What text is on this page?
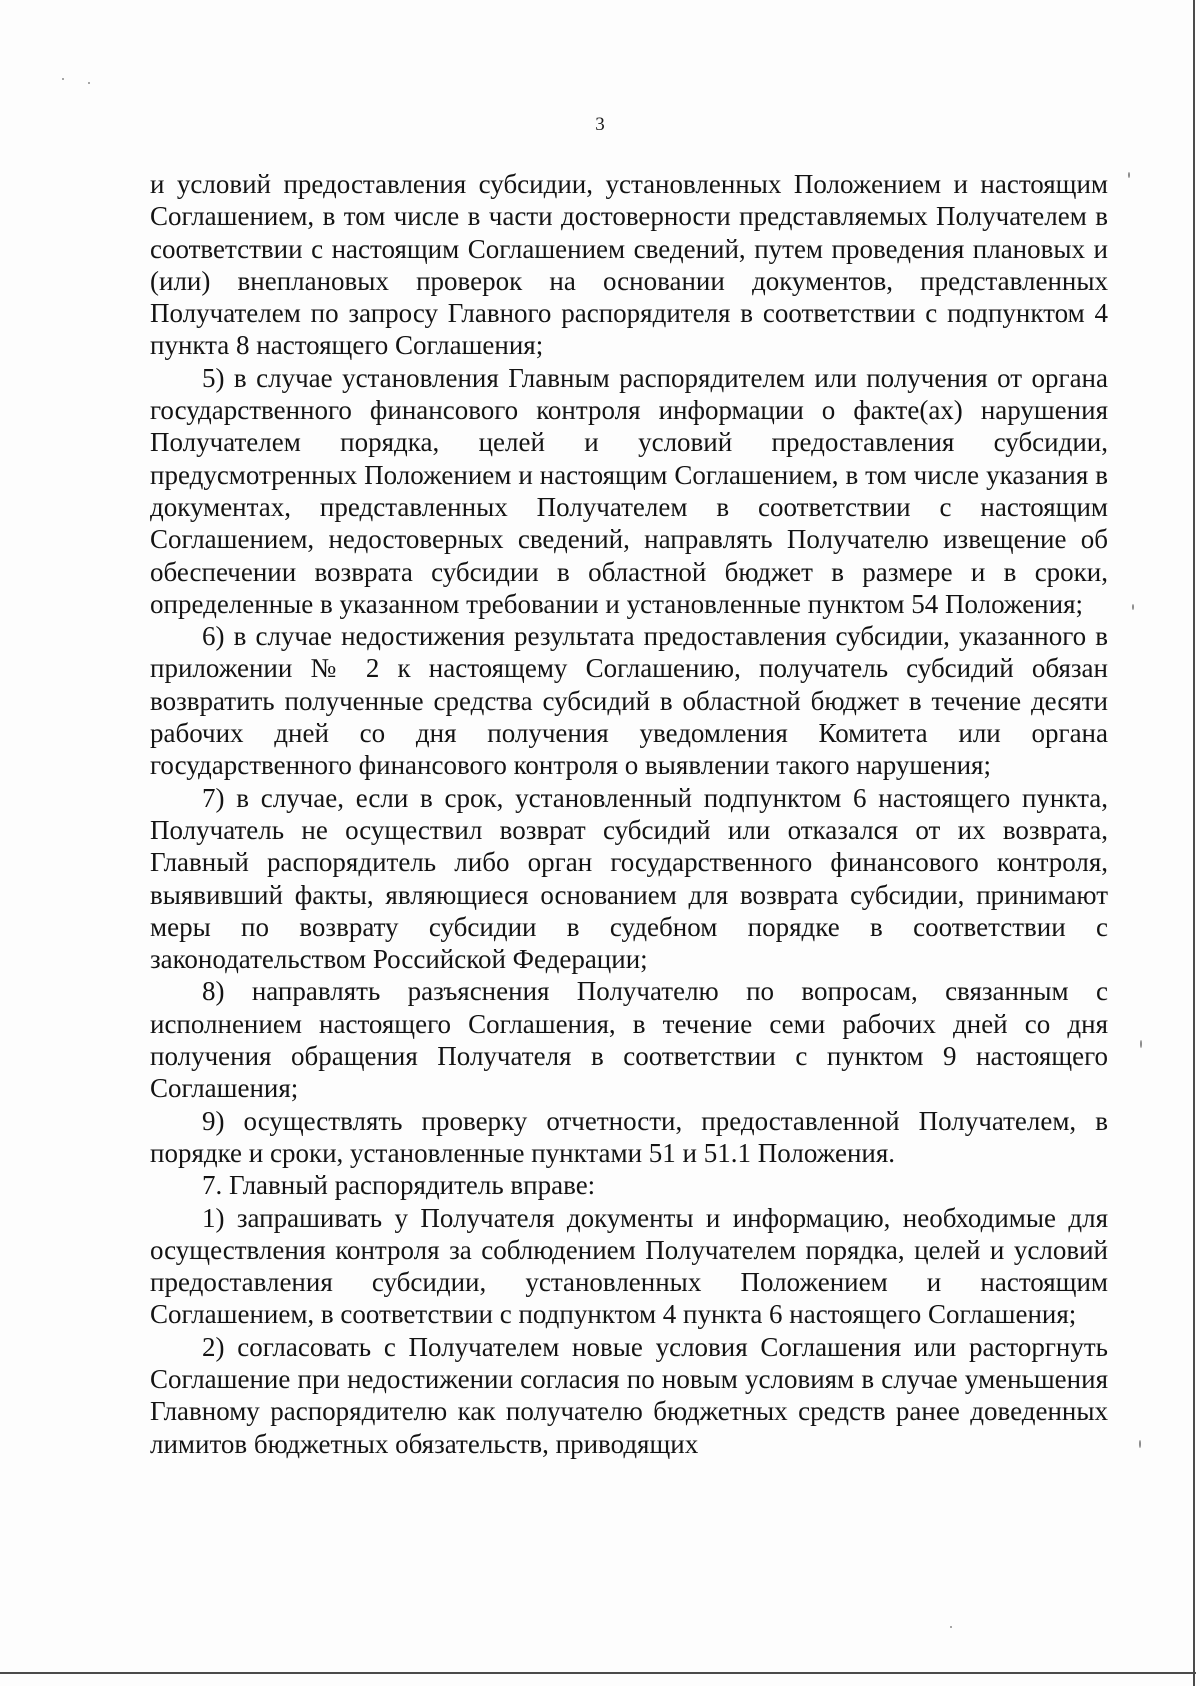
3

и условий предоставления субсидии, установленных Положением и настоящим Соглашением, в том числе в части достоверности представляемых Получателем в соответствии с настоящим Соглашением сведений, путем проведения плановых и (или) внеплановых проверок на основании документов, представленных Получателем по запросу Главного распорядителя в соответствии с подпунктом 4 пункта 8 настоящего Соглашения;

5) в случае установления Главным распорядителем или получения от органа государственного финансового контроля информации о факте(ах) нарушения Получателем порядка, целей и условий предоставления субсидии, предусмотренных Положением и настоящим Соглашением, в том числе указания в документах, представленных Получателем в соответствии с настоящим Соглашением, недостоверных сведений, направлять Получателю извещение об обеспечении возврата субсидии в областной бюджет в размере и в сроки, определенные в указанном требовании и установленные пунктом 54 Положения;

6) в случае недостижения результата предоставления субсидии, указанного в приложении № 2 к настоящему Соглашению, получатель субсидий обязан возвратить полученные средства субсидий в областной бюджет в течение десяти рабочих дней со дня получения уведомления Комитета или органа государственного финансового контроля о выявлении такого нарушения;

7) в случае, если в срок, установленный подпунктом 6 настоящего пункта, Получатель не осуществил возврат субсидий или отказался от их возврата, Главный распорядитель либо орган государственного финансового контроля, выявивший факты, являющиеся основанием для возврата субсидии, принимают меры по возврату субсидии в судебном порядке в соответствии с законодательством Российской Федерации;

8) направлять разъяснения Получателю по вопросам, связанным с исполнением настоящего Соглашения, в течение семи рабочих дней со дня получения обращения Получателя в соответствии с пунктом 9 настоящего Соглашения;

9) осуществлять проверку отчетности, предоставленной Получателем, в порядке и сроки, установленные пунктами 51 и 51.1 Положения.

7. Главный распорядитель вправе:

1) запрашивать у Получателя документы и информацию, необходимые для осуществления контроля за соблюдением Получателем порядка, целей и условий предоставления субсидии, установленных Положением и настоящим Соглашением, в соответствии с подпунктом 4 пункта 6 настоящего Соглашения;

2) согласовать с Получателем новые условия Соглашения или расторгнуть Соглашение при недостижении согласия по новым условиям в случае уменьшения Главному распорядителю как получателю бюджетных средств ранее доведенных лимитов бюджетных обязательств, приводящих
